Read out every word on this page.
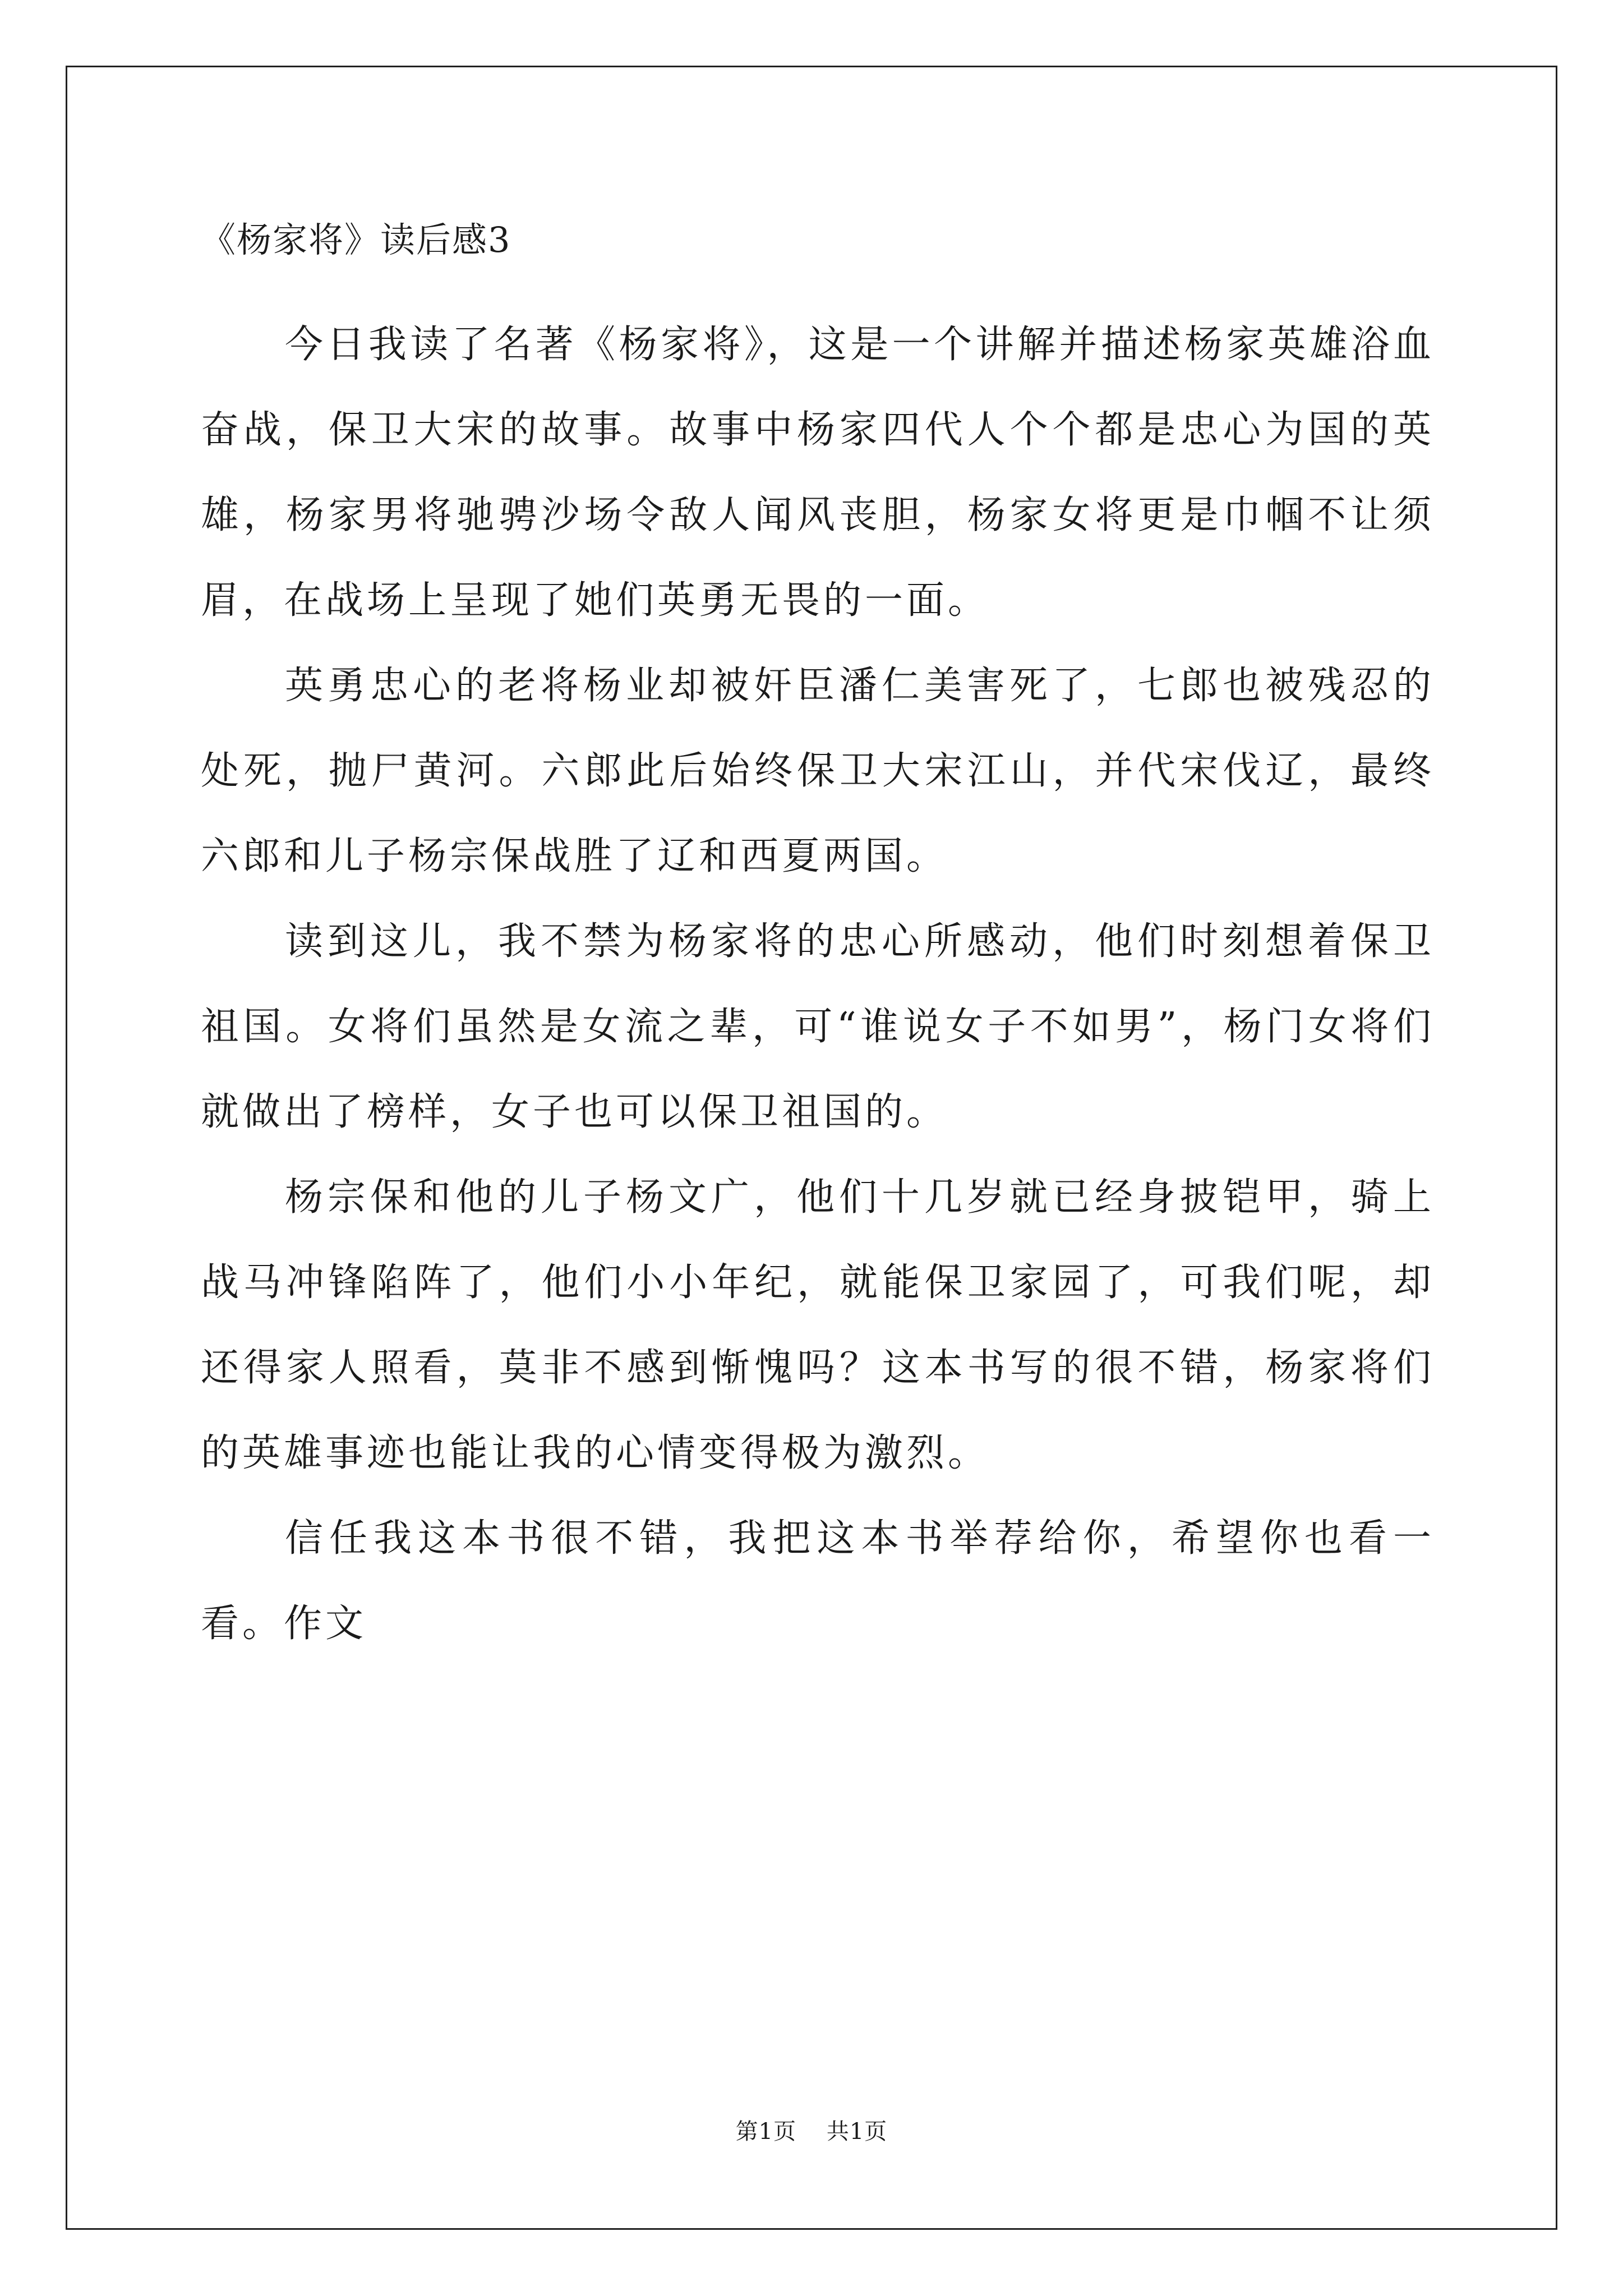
《杨家将》读后感3

今日我读了名著《杨家将》，这是一个讲解并描述杨家英雄浴血奋战，保卫大宋的故事。故事中杨家四代人个个都是忠心为国的英雄，杨家男将驰骋沙场令敌人闻风丧胆，杨家女将更是巾帼不让须眉，在战场上呈现了她们英勇无畏的一面。

英勇忠心的老将杨业却被奸臣潘仁美害死了，七郎也被残忍的处死，抛尸黄河。六郎此后始终保卫大宋江山，并代宋伐辽，最终六郎和儿子杨宗保战胜了辽和西夏两国。

读到这儿，我不禁为杨家将的忠心所感动，他们时刻想着保卫祖国。女将们虽然是女流之辈，可“谁说女子不如男”，杨门女将们就做出了榜样，女子也可以保卫祖国的。

杨宗保和他的儿子杨文广，他们十几岁就已经身披铠甲，骑上战马冲锋陷阵了，他们小小年纪，就能保卫家园了，可我们呢，却还得家人照看，莫非不感到惭愧吗？这本书写的很不错，杨家将们的英雄事迹也能让我的心情变得极为激烈。

信任我这本书很不错，我把这本书举荐给你，希望你也看一看。作文

第1页 共1页
